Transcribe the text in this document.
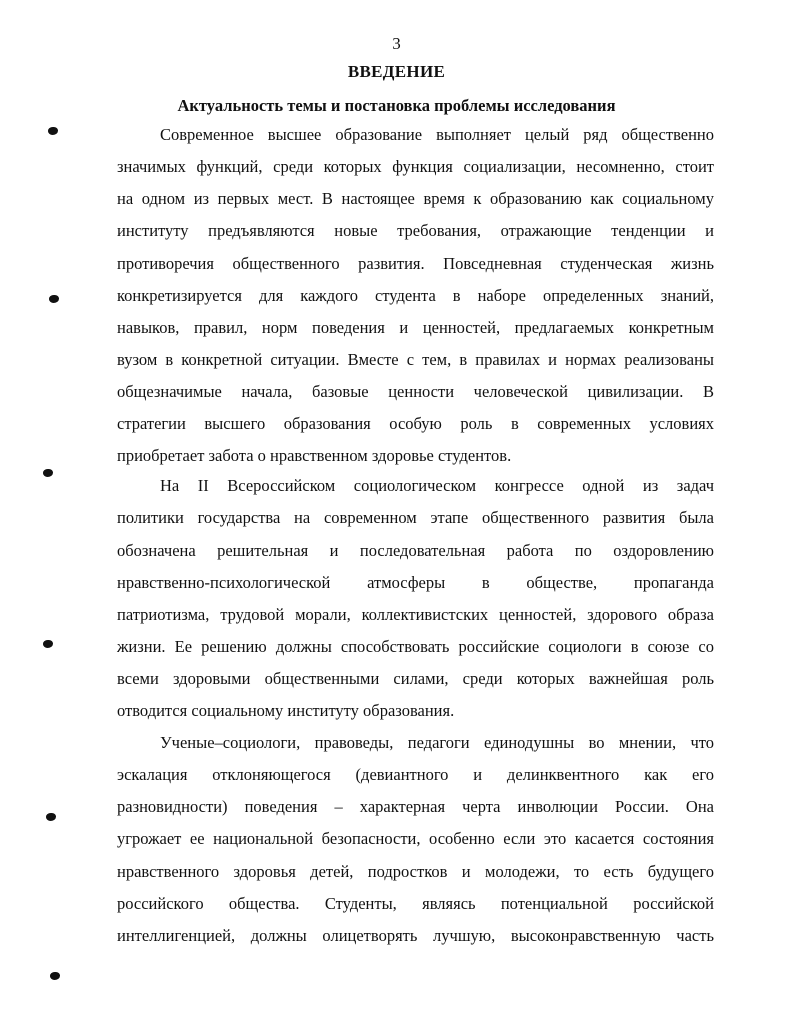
3
ВВЕДЕНИЕ
Актуальность темы и постановка проблемы исследования
Современное высшее образование выполняет целый ряд общественно
значимых функций, среди которых функция социализации, несомненно, стоит
на одном из первых мест. В настоящее время к образованию как социальному
институту предъявляются новые требования, отражающие тенденции и
противоречия общественного развития. Повседневная студенческая жизнь
конкретизируется для каждого студента в наборе определенных знаний,
навыков, правил, норм поведения и ценностей, предлагаемых конкретным
вузом в конкретной ситуации. Вместе с тем, в правилах и нормах реализованы
общезначимые начала, базовые ценности человеческой цивилизации. В
стратегии высшего образования особую роль в современных условиях
приобретает забота о нравственном здоровье студентов.
На II Всероссийском социологическом конгрессе одной из задач
политики государства на современном этапе общественного развития была
обозначена решительная и последовательная работа по оздоровлению
нравственно-психологической атмосферы в обществе, пропаганда
патриотизма, трудовой морали, коллективистских ценностей, здорового образа
жизни. Ее решению должны способствовать российские социологи в союзе со
всеми здоровыми общественными силами, среди которых важнейшая роль
отводится социальному институту образования.
Ученые–социологи, правоведы, педагоги единодушны во мнении, что
эскалация отклоняющегося (девиантного и делинквентного как его
разновидности) поведения – характерная черта инволюции России. Она
угрожает ее национальной безопасности, особенно если это касается состояния
нравственного здоровья детей, подростков и молодежи, то есть будущего
российского общества. Студенты, являясь потенциальной российской
интеллигенцией, должны олицетворять лучшую, высоконравственную часть
